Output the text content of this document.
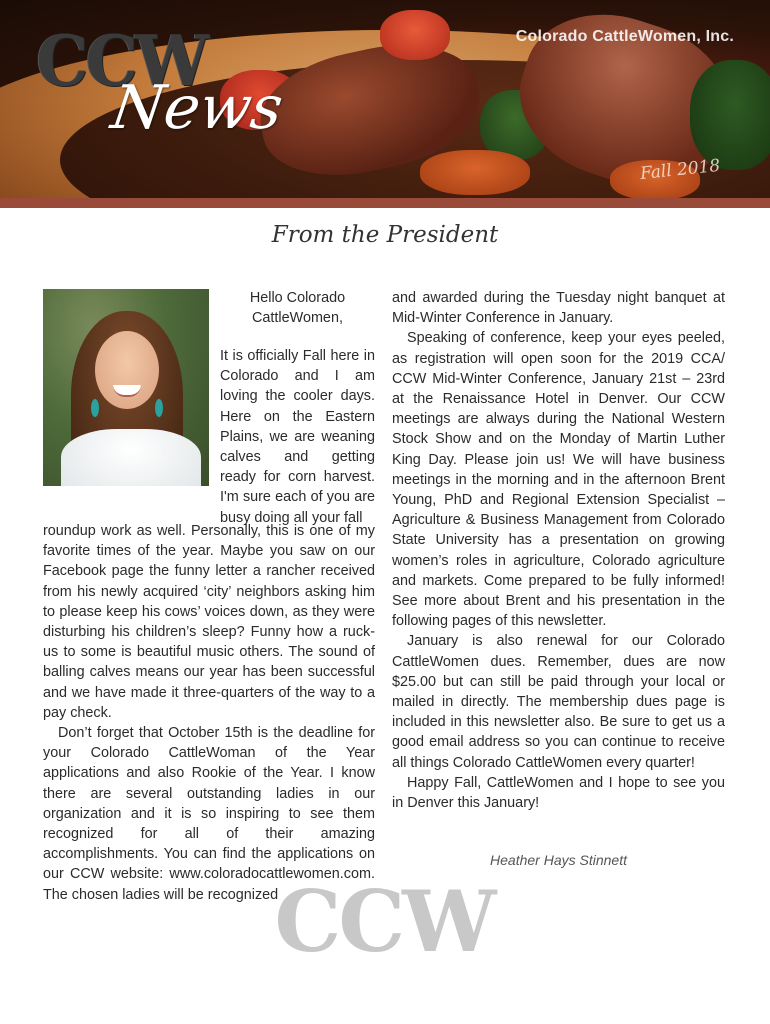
Colorado CattleWomen, Inc.
CCW
News
Fall 2018
From the President
Hello Colorado CattleWomen,

It is officially Fall here in Colorado and I am loving the cooler days. Here on the Eastern Plains, we are weaning calves and getting ready for corn harvest. I'm sure each of you are busy doing all your fall

roundup work as well. Personally, this is one of my favorite times of the year. Maybe you saw on our Facebook page the funny letter a rancher received from his newly acquired ‘city’ neighbors asking him to please keep his cows’ voices down, as they were disturbing his children’s sleep? Funny how a ruck-us to some is beautiful music others. The sound of balling calves means our year has been successful and we have made it three-quarters of the way to a pay check.

Don’t forget that October 15th is the deadline for your Colorado CattleWoman of the Year applications and also Rookie of the Year. I know there are several outstanding ladies in our organization and it is so inspiring to see them recognized for all of their amazing accomplishments. You can find the applications on our CCW website: www.coloradocattlewomen.com. The chosen ladies will be recognized

and awarded during the Tuesday night banquet at Mid-Winter Conference in January.

Speaking of conference, keep your eyes peeled, as registration will open soon for the 2019 CCA/ CCW Mid-Winter Conference, January 21st – 23rd at the Renaissance Hotel in Denver. Our CCW meetings are always during the National Western Stock Show and on the Monday of Martin Luther King Day. Please join us! We will have business meetings in the morning and in the afternoon Brent Young, PhD and Regional Extension Specialist – Agriculture & Business Management from Colorado State University has a presentation on growing women’s roles in agriculture, Colorado agriculture and markets. Come prepared to be fully informed! See more about Brent and his presentation in the following pages of this newsletter.

January is also renewal for our Colorado CattleWomen dues. Remember, dues are now $25.00 but can still be paid through your local or mailed in directly. The membership dues page is included in this newsletter also. Be sure to get us a good email address so you can continue to receive all things Colorado CattleWomen every quarter!

Happy Fall, CattleWomen and I hope to see you in Denver this January!

Heather Hays Stinnett
CCW
